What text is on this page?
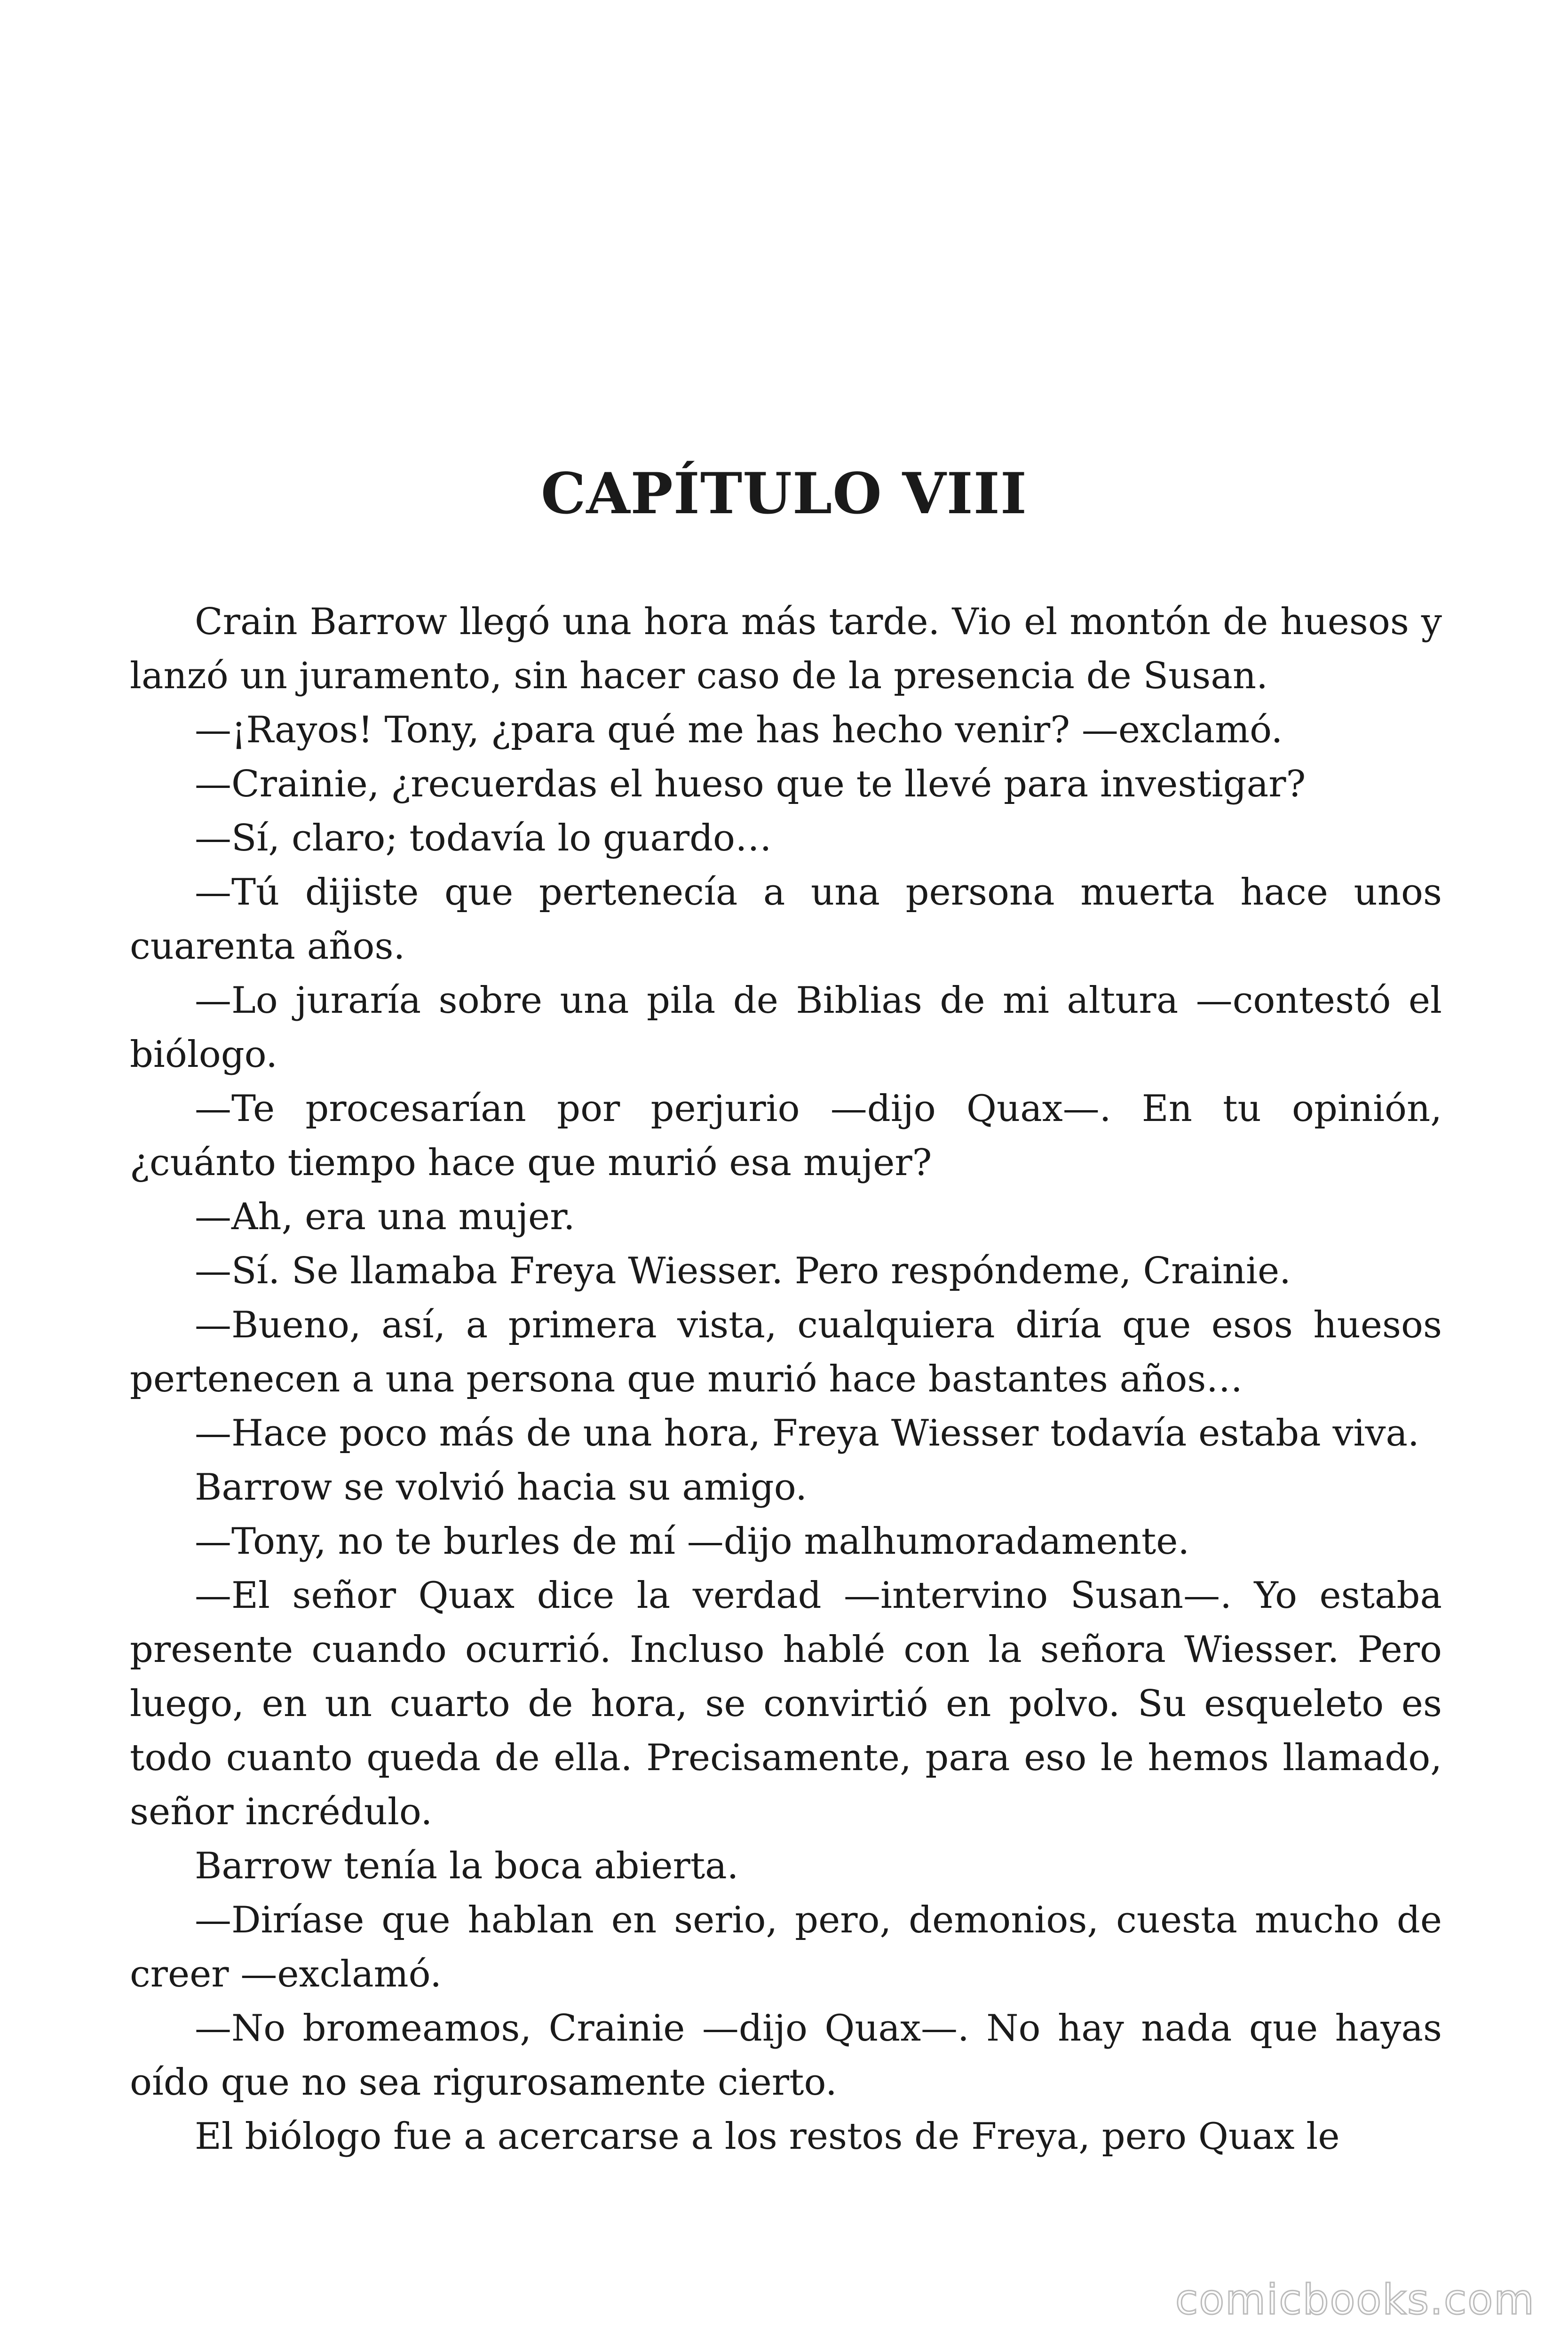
CAPÍTULO VIII

Crain Barrow llegó una hora más tarde. Vio el montón de huesos y lanzó un juramento, sin hacer caso de la presencia de Susan.

—¡Rayos! Tony, ¿para qué me has hecho venir? —exclamó.

—Crainie, ¿recuerdas el hueso que te llevé para investigar?

—Sí, claro; todavía lo guardo…

—Tú dijiste que pertenecía a una persona muerta hace unos cuarenta años.

—Lo juraría sobre una pila de Biblias de mi altura —contestó el biólogo.

—Te procesarían por perjurio —dijo Quax—. En tu opinión, ¿cuánto tiempo hace que murió esa mujer?

—Ah, era una mujer.

—Sí. Se llamaba Freya Wiesser. Pero respóndeme, Crainie.

—Bueno, así, a primera vista, cualquiera diría que esos huesos pertenecen a una persona que murió hace bastantes años…

—Hace poco más de una hora, Freya Wiesser todavía estaba viva.

Barrow se volvió hacia su amigo.

—Tony, no te burles de mí —dijo malhumoradamente.

—El señor Quax dice la verdad —intervino Susan—. Yo estaba presente cuando ocurrió. Incluso hablé con la señora Wiesser. Pero luego, en un cuarto de hora, se convirtió en polvo. Su esqueleto es todo cuanto queda de ella. Precisamente, para eso le hemos llamado, señor incrédulo.

Barrow tenía la boca abierta.

—Diríase que hablan en serio, pero, demonios, cuesta mucho de creer —exclamó.

—No bromeamos, Crainie —dijo Quax—. No hay nada que hayas oído que no sea rigurosamente cierto.

El biólogo fue a acercarse a los restos de Freya, pero Quax le

comicbooks.com
